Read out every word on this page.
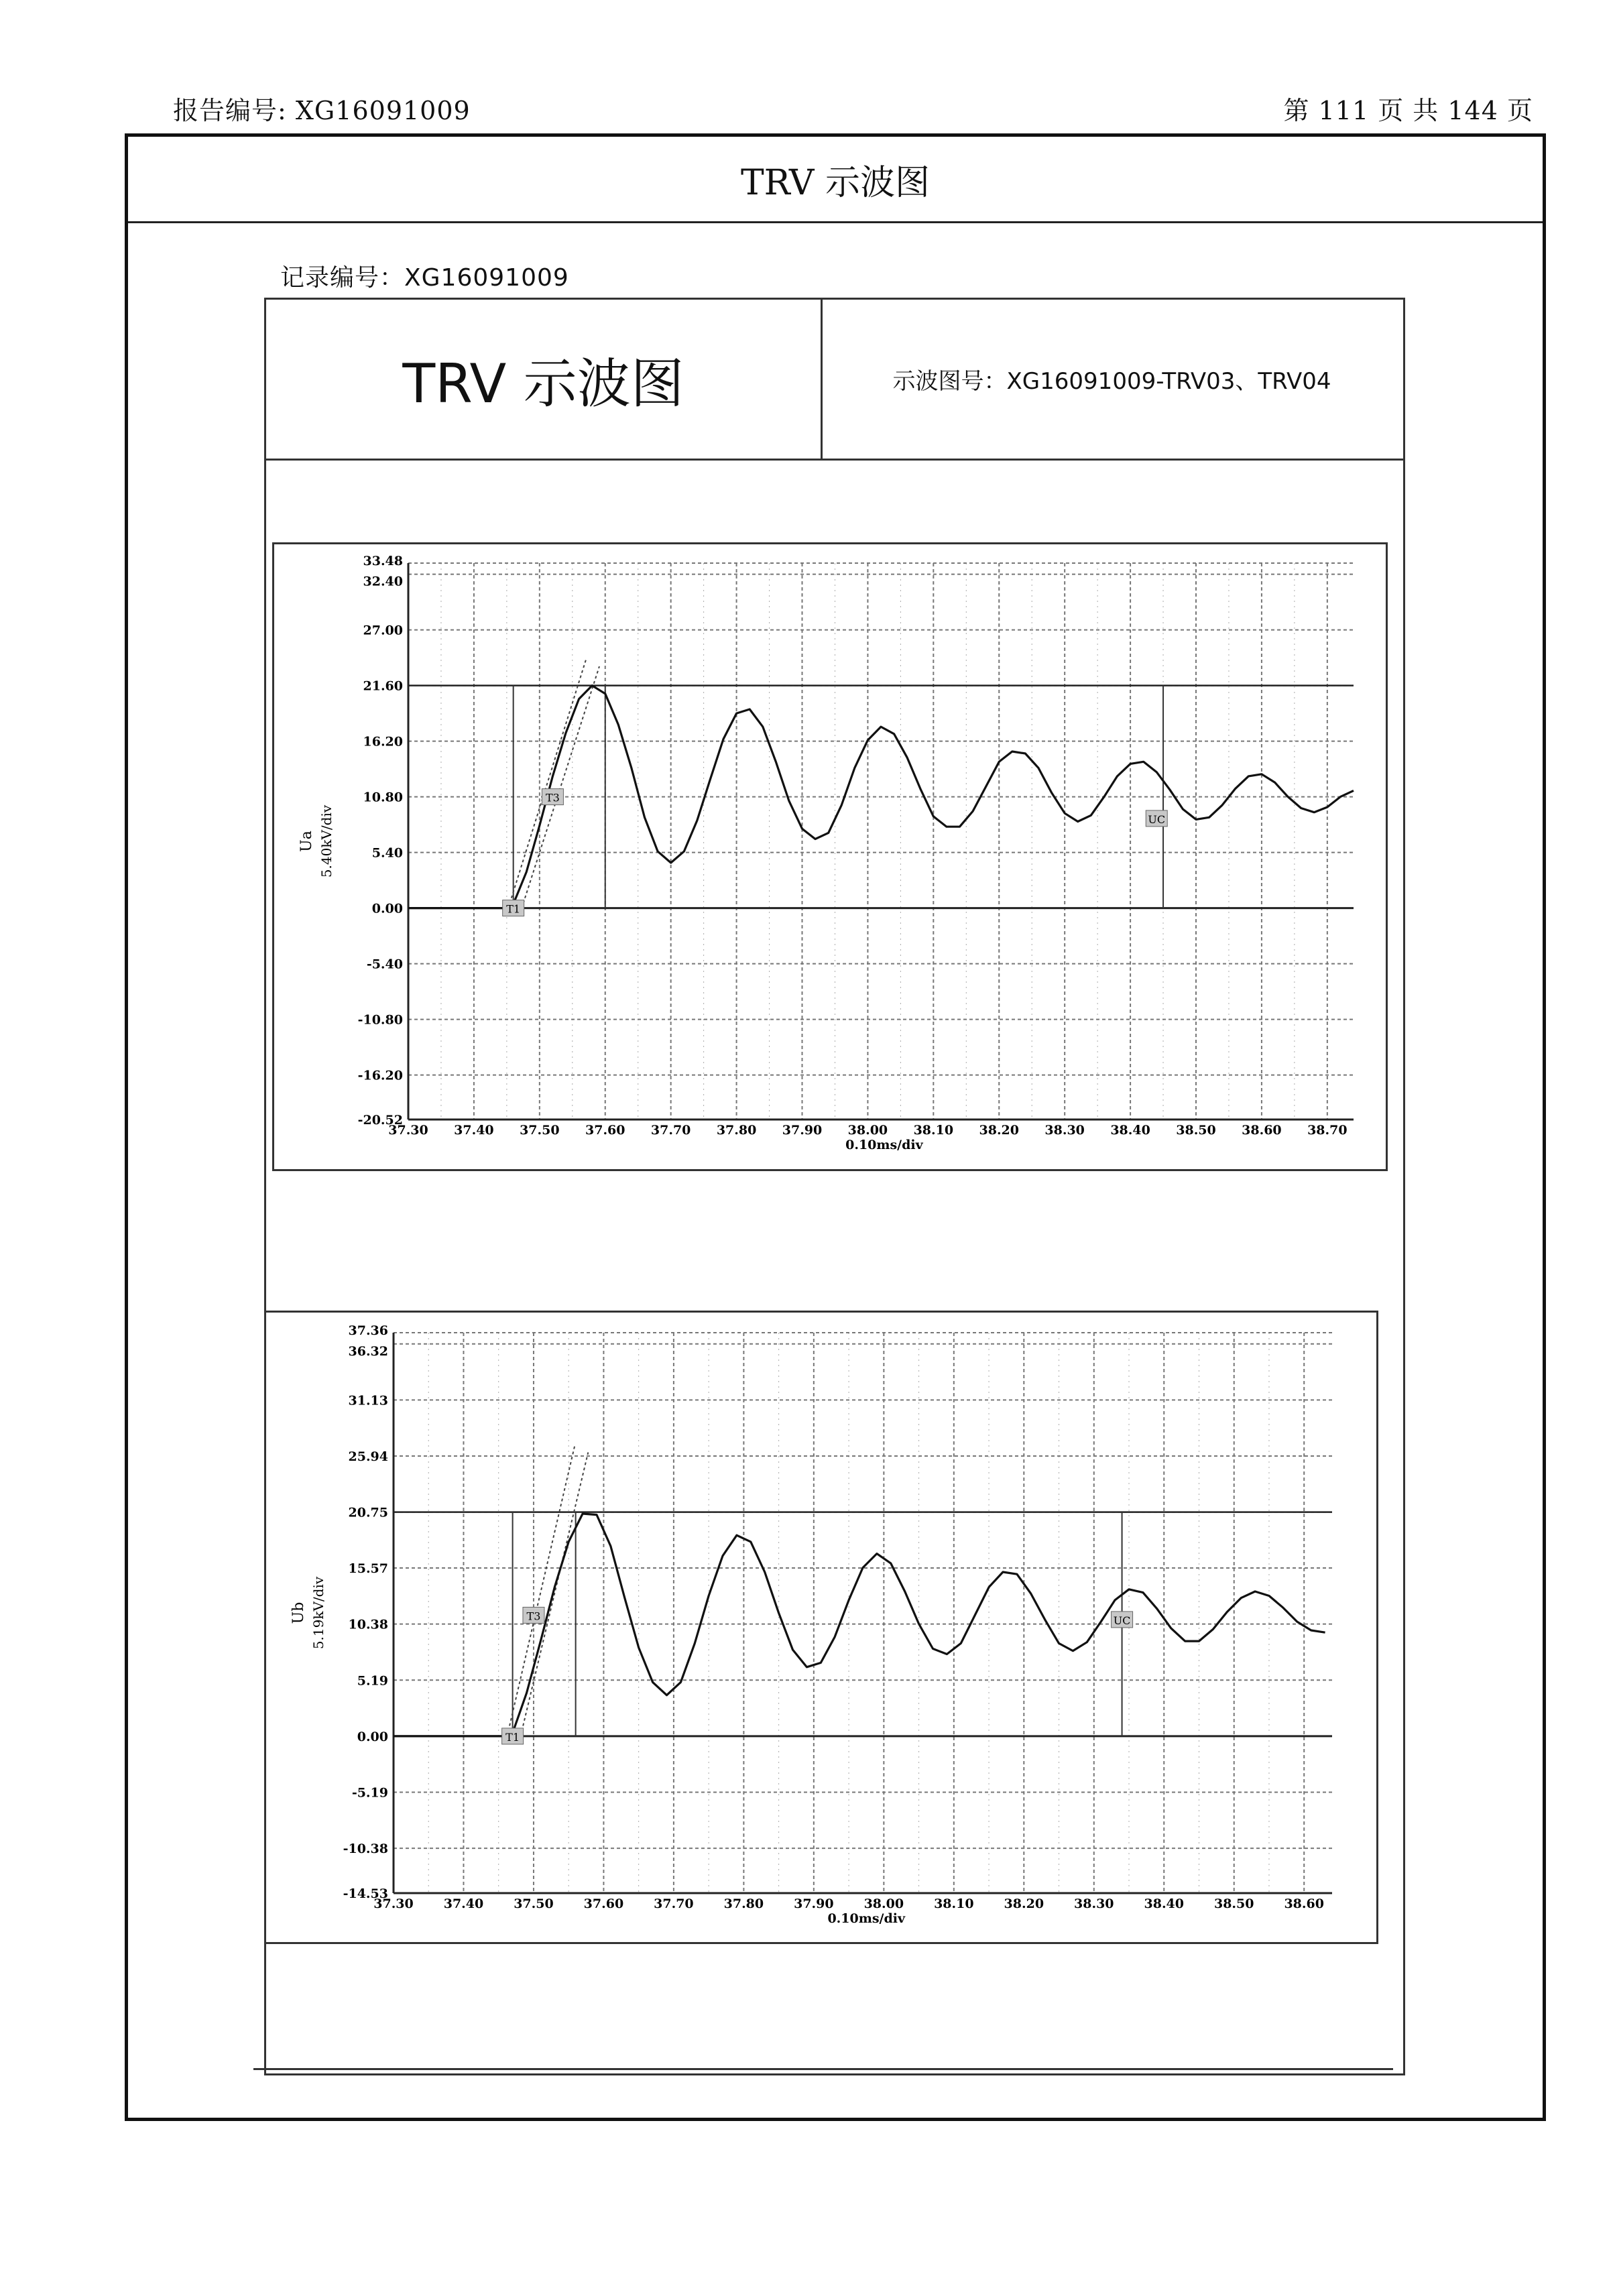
报告编号: XG16091009	第 111 页 共 144 页
TRV 示波图
记录编号：XG16091009
TRV 示波图	示波图号：XG16091009-TRV03、TRV04
37.30 37.40 37.50 37.60 37.70 37.80 37.90 38.00 38.10 38.20 38.30 38.40 38.50 38.60 38.70
33.48
32.40
27.00
21.60
16.20
10.80
5.40
0.00
-5.40
-10.80
-16.20
-20.52
Ua 5.40kV/div
0.10ms/div
T1
T3
UC
37.30 37.40 37.50 37.60 37.70 37.80 37.90 38.00 38.10 38.20 38.30 38.40 38.50 38.60
37.36
36.32
31.13
25.94
20.75
15.57
10.38
5.19
0.00
-5.19
-10.38
-14.53
Ub 5.19kV/div
0.10ms/div
T1
T3	UC
